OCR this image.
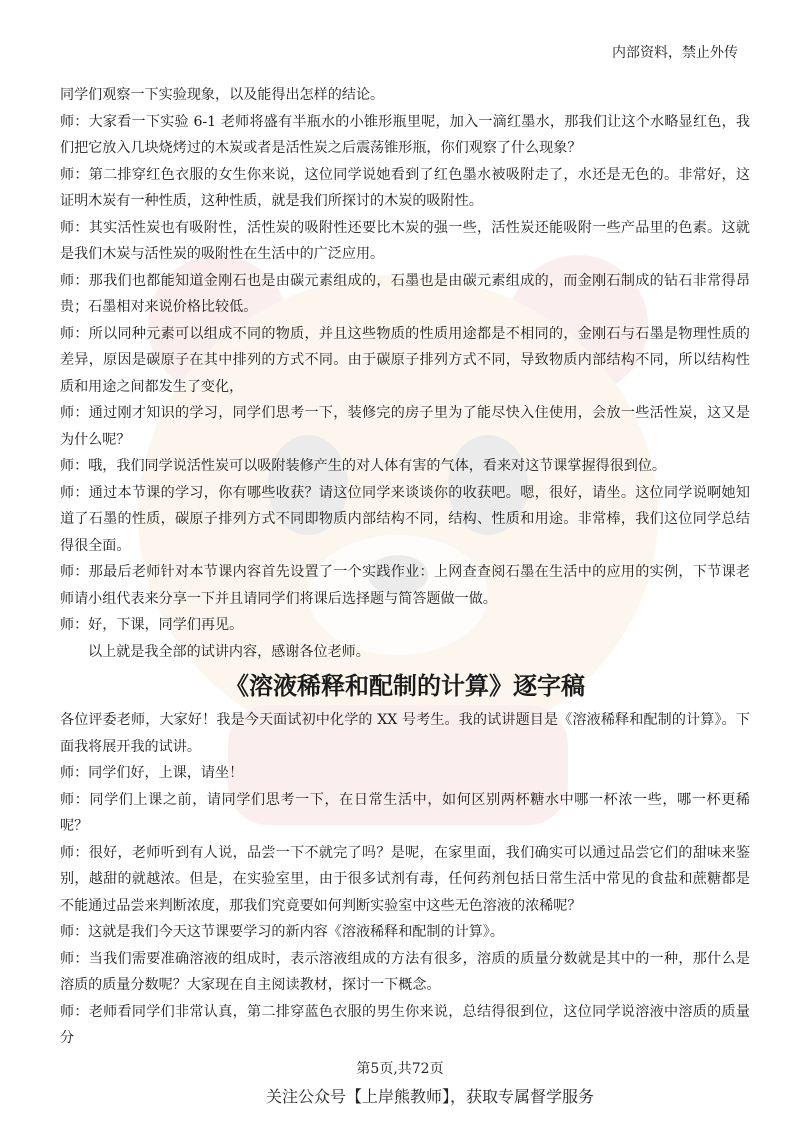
内部资料，禁止外传

同学们观察一下实验现象，以及能得出怎样的结论。

师：大家看一下实验 6-1 老师将盛有半瓶水的小锥形瓶里呢，加入一滴红墨水，那我们让这个水略显红色，我们把它放入几块烧烤过的木炭或者是活性炭之后震荡锥形瓶，你们观察了什么现象？

师：第二排穿红色衣服的女生你来说，这位同学说她看到了红色墨水被吸附走了，水还是无色的。非常好，这证明木炭有一种性质，这种性质，就是我们所探讨的木炭的吸附性。

师：其实活性炭也有吸附性，活性炭的吸附性还要比木炭的强一些，活性炭还能吸附一些产品里的色素。这就是我们木炭与活性炭的吸附性在生活中的广泛应用。

师：那我们也都能知道金刚石也是由碳元素组成的，石墨也是由碳元素组成的，而金刚石制成的钻石非常得昂贵；石墨相对来说价格比较低。

师：所以同种元素可以组成不同的物质，并且这些物质的性质用途都是不相同的，金刚石与石墨是物理性质的差异，原因是碳原子在其中排列的方式不同。由于碳原子排列方式不同，导致物质内部结构不同，所以结构性质和用途之间都发生了变化，

师：通过刚才知识的学习，同学们思考一下，装修完的房子里为了能尽快入住使用，会放一些活性炭，这又是为什么呢？

师：哦，我们同学说活性炭可以吸附装修产生的对人体有害的气体，看来对这节课掌握得很到位。

师：通过本节课的学习，你有哪些收获？请这位同学来谈谈你的收获吧。嗯，很好，请坐。这位同学说啊她知道了石墨的性质，碳原子排列方式不同即物质内部结构不同，结构、性质和用途。非常棒，我们这位同学总结得很全面。

师：那最后老师针对本节课内容首先设置了一个实践作业：上网查查阅石墨在生活中的应用的实例，下节课老师请小组代表来分享一下并且请同学们将课后选择题与简答题做一做。

师：好，下课，同学们再见。

以上就是我全部的试讲内容，感谢各位老师。

《溶液稀释和配制的计算》逐字稿

各位评委老师，大家好！我是今天面试初中化学的 XX 号考生。我的试讲题目是《溶液稀释和配制的计算》。下面我将展开我的试讲。

师：同学们好，上课，请坐！

师：同学们上课之前，请同学们思考一下，在日常生活中，如何区别两杯糖水中哪一杯浓一些，哪一杯更稀呢？

师：很好，老师听到有人说，品尝一下不就完了吗？是呢，在家里面，我们确实可以通过品尝它们的甜味来鉴别，越甜的就越浓。但是，在实验室里，由于很多试剂有毒，任何药剂包括日常生活中常见的食盐和蔗糖都是不能通过品尝来判断浓度，那我们究竟要如何判断实验室中这些无色溶液的浓稀呢？

师：这就是我们今天这节课要学习的新内容《溶液稀释和配制的计算》。

师：当我们需要准确溶液的组成时，表示溶液组成的方法有很多，溶质的质量分数就是其中的一种，那什么是溶质的质量分数呢？大家现在自主阅读教材，探讨一下概念。

师：老师看同学们非常认真，第二排穿蓝色衣服的男生你来说，总结得很到位，这位同学说溶液中溶质的质量分

第5页,共72页
关注公众号【上岸熊教师】，获取专属督学服务
